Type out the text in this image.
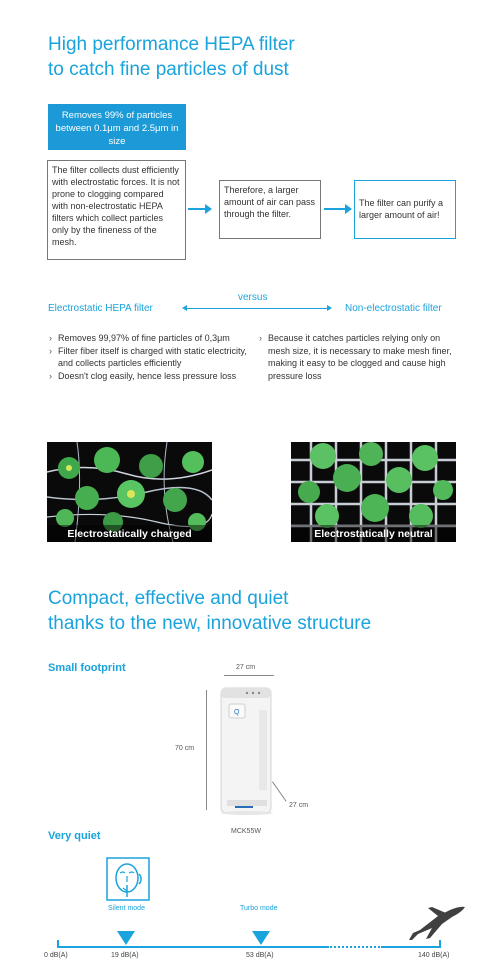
High performance HEPA filter
to catch fine particles of dust
Removes 99% of particles between 0.1μm and 2.5μm in size
The filter collects dust efficiently with electrostatic forces. It is not prone to clogging compared with non-electrostatic HEPA filters which collect particles only by the fineness of the mesh.
Therefore, a larger amount of air can pass through the filter.
The filter can purify a larger amount of air!
versus
Electrostatic HEPA filter	Non-electrostatic filter
› Removes 99,97% of fine particles of 0,3μm
› Filter fiber itself is charged with static electricity, and collects particles efficiently
› Doesn't clog easily, hence less pressure loss
› Because it catches particles relying only on mesh size, it is necessary to make mesh finer, making it easy to be clogged and cause high pressure loss
Electrostatically charged	Electrostatically neutral
Compact, effective and quiet
thanks to the new, innovative structure
Small footprint	27 cm
70 cm
Q
27 cm
MCK55W
Very quiet
Silent mode	Turbo mode
0 dB(A)	19 dB(A)	53 dB(A)	140 dB(A)
